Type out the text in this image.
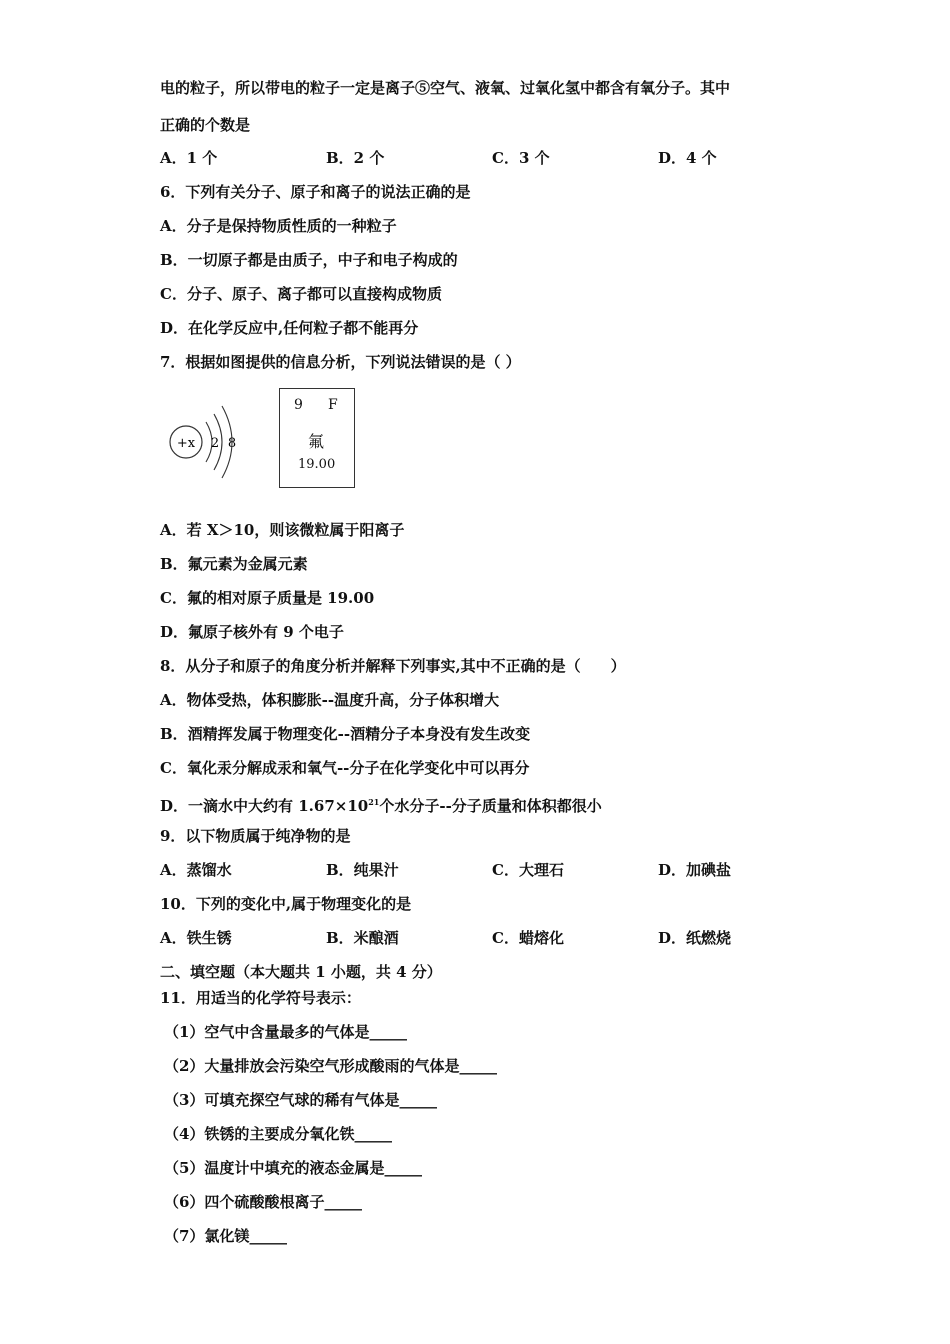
电的粒子，所以带电的粒子一定是离子⑤空气、液氧、过氧化氢中都含有氧分子。其中
正确的个数是
A．1 个	B．2 个	C．3 个	D．4 个
6．下列有关分子、原子和离子的说法正确的是
A．分子是保持物质性质的一种粒子
B．一切原子都是由质子，中子和电子构成的
C．分子、原子、离子都可以直接构成物质
D．在化学反应中,任何粒子都不能再分
7．根据如图提供的信息分析，下列说法错误的是（ ）
+x 2 8
9 F
氟
19.00
A．若 X＞10，则该微粒属于阳离子
B．氟元素为金属元素
C．氟的相对原子质量是 19.00
D．氟原子核外有 9 个电子
8．从分子和原子的角度分析并解释下列事实,其中不正确的是（　　）
A．物体受热，体积膨胀--温度升高，分子体积增大
B．酒精挥发属于物理变化--酒精分子本身没有发生改变
C．氧化汞分解成汞和氧气--分子在化学变化中可以再分
D．一滴水中大约有 $1.67\times 10^{21}$个水分子--分子质量和体积都很小
9．以下物质属于纯净物的是
A．蒸馏水	B．纯果汁	C．大理石	D．加碘盐
10．下列的变化中,属于物理变化的是
A．铁生锈	B．米酿酒	C．蜡熔化	D．纸燃烧
二、填空题（本大题共 1 小题，共 4 分）
11．用适当的化学符号表示：
（1）空气中含量最多的气体是_____
（2）大量排放会污染空气形成酸雨的气体是_____
（3）可填充探空气球的稀有气体是_____
（4）铁锈的主要成分氧化铁_____
（5）温度计中填充的液态金属是_____
（6）四个硫酸酸根离子_____
（7）氯化镁_____
